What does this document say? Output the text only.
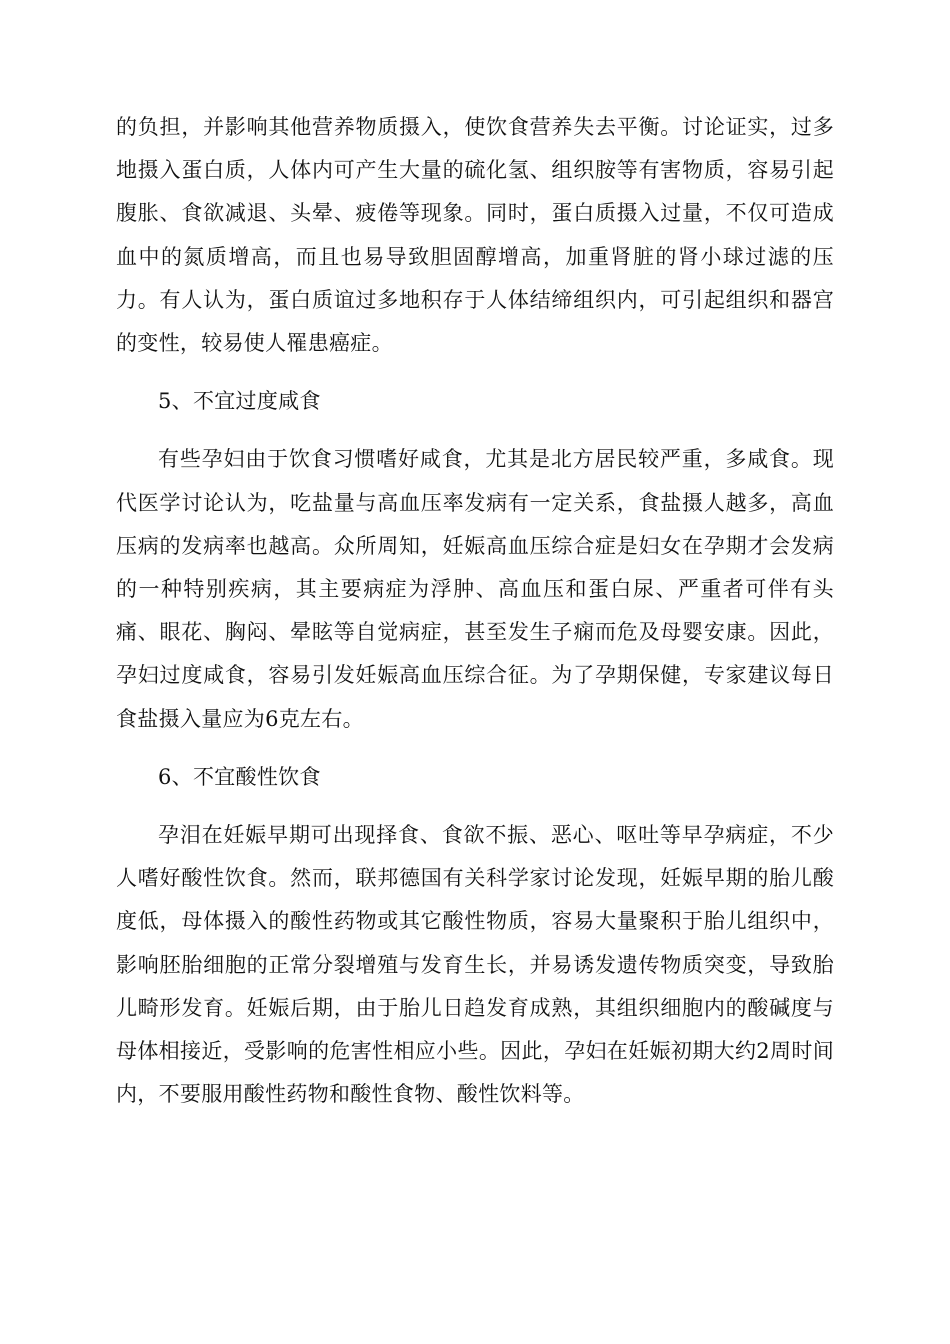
的负担，并影响其他营养物质摄入，使饮食营养失去平衡。讨论证实，过多地摄入蛋白质，人体内可产生大量的硫化氢、组织胺等有害物质，容易引起腹胀、食欲减退、头晕、疲倦等现象。同时，蛋白质摄入过量，不仅可造成血中的氮质增高，而且也易导致胆固醇增高，加重肾脏的肾小球过滤的压力。有人认为，蛋白质谊过多地积存于人体结缔组织内，可引起组织和器宫的变性，较易使人罹患癌症。

5、不宜过度咸食

有些孕妇由于饮食习惯嗜好咸食，尤其是北方居民较严重，多咸食。现代医学讨论认为，吃盐量与高血压率发病有一定关系，食盐摄人越多，高血压病的发病率也越高。众所周知，妊娠高血压综合症是妇女在孕期才会发病的一种特别疾病，其主要病症为浮肿、高血压和蛋白尿、严重者可伴有头痛、眼花、胸闷、晕眩等自觉病症，甚至发生子痫而危及母婴安康。因此，孕妇过度咸食，容易引发妊娠高血压综合征。为了孕期保健，专家建议每日食盐摄入量应为6克左右。

6、不宜酸性饮食

孕泪在妊娠早期可出现择食、食欲不振、恶心、呕吐等早孕病症，不少人嗜好酸性饮食。然而，联邦德国有关科学家讨论发现，妊娠早期的胎儿酸度低，母体摄入的酸性药物或其它酸性物质，容易大量聚积于胎儿组织中，影响胚胎细胞的正常分裂增殖与发育生长，并易诱发遗传物质突变，导致胎儿畸形发育。妊娠后期，由于胎儿日趋发育成熟，其组织细胞内的酸碱度与母体相接近，受影响的危害性相应小些。因此，孕妇在妊娠初期大约2周时间内，不要服用酸性药物和酸性食物、酸性饮料等。
